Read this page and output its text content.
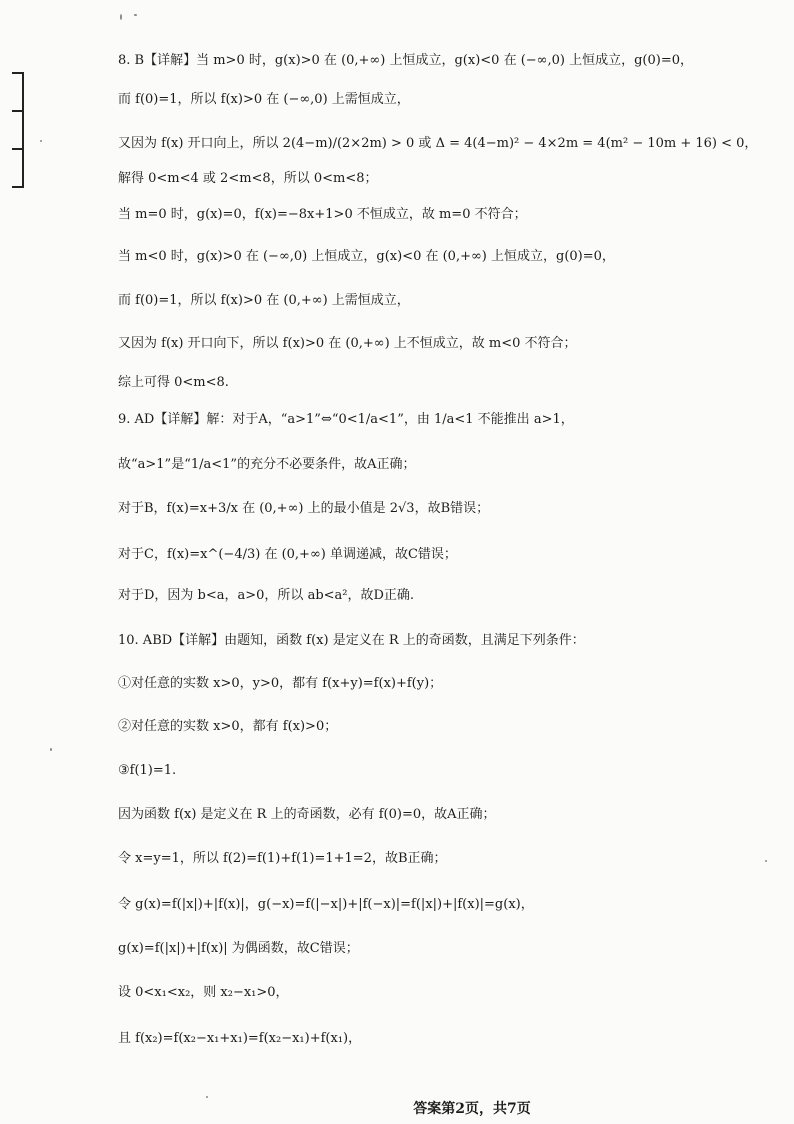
8. B【详解】当 m>0 时，g(x)>0 在 (0,+∞) 上恒成立，g(x)<0 在 (−∞,0) 上恒成立，g(0)=0，
而 f(0)=1，所以 f(x)>0 在 (−∞,0) 上需恒成立，
又因为 f(x) 开口向上，所以 2(4−m)/(2×2m) > 0 或 Δ = 4(4−m)² − 4×2m = 4(m² − 10m + 16) < 0，
解得 0<m<4 或 2<m<8，所以 0<m<8；
当 m=0 时，g(x)=0，f(x)=−8x+1>0 不恒成立，故 m=0 不符合；
当 m<0 时，g(x)>0 在 (−∞,0) 上恒成立，g(x)<0 在 (0,+∞) 上恒成立，g(0)=0，
而 f(0)=1，所以 f(x)>0 在 (0,+∞) 上需恒成立，
又因为 f(x) 开口向下，所以 f(x)>0 在 (0,+∞) 上不恒成立，故 m<0 不符合；
综上可得 0<m<8.
9. AD【详解】解：对于A，“a>1”⇔“0<1/a<1”，由 1/a<1 不能推出 a>1，
故“a>1”是“1/a<1”的充分不必要条件，故A正确；
对于B，f(x)=x+3/x 在 (0,+∞) 上的最小值是 2√3，故B错误；
对于C，f(x)=x^(−4/3) 在 (0,+∞) 单调递减，故C错误；
对于D，因为 b<a，a>0，所以 ab<a²，故D正确.
10. ABD【详解】由题知，函数 f(x) 是定义在 R 上的奇函数，且满足下列条件：
①对任意的实数 x>0，y>0，都有 f(x+y)=f(x)+f(y)；
②对任意的实数 x>0，都有 f(x)>0；
③f(1)=1.
因为函数 f(x) 是定义在 R 上的奇函数，必有 f(0)=0，故A正确；
令 x=y=1，所以 f(2)=f(1)+f(1)=1+1=2，故B正确；
令 g(x)=f(|x|)+|f(x)|，g(−x)=f(|−x|)+|f(−x)|=f(|x|)+|f(x)|=g(x)，
g(x)=f(|x|)+|f(x)| 为偶函数，故C错误；
设 0<x₁<x₂，则 x₂−x₁>0，
且 f(x₂)=f(x₂−x₁+x₁)=f(x₂−x₁)+f(x₁)，
答案第2页，共7页
